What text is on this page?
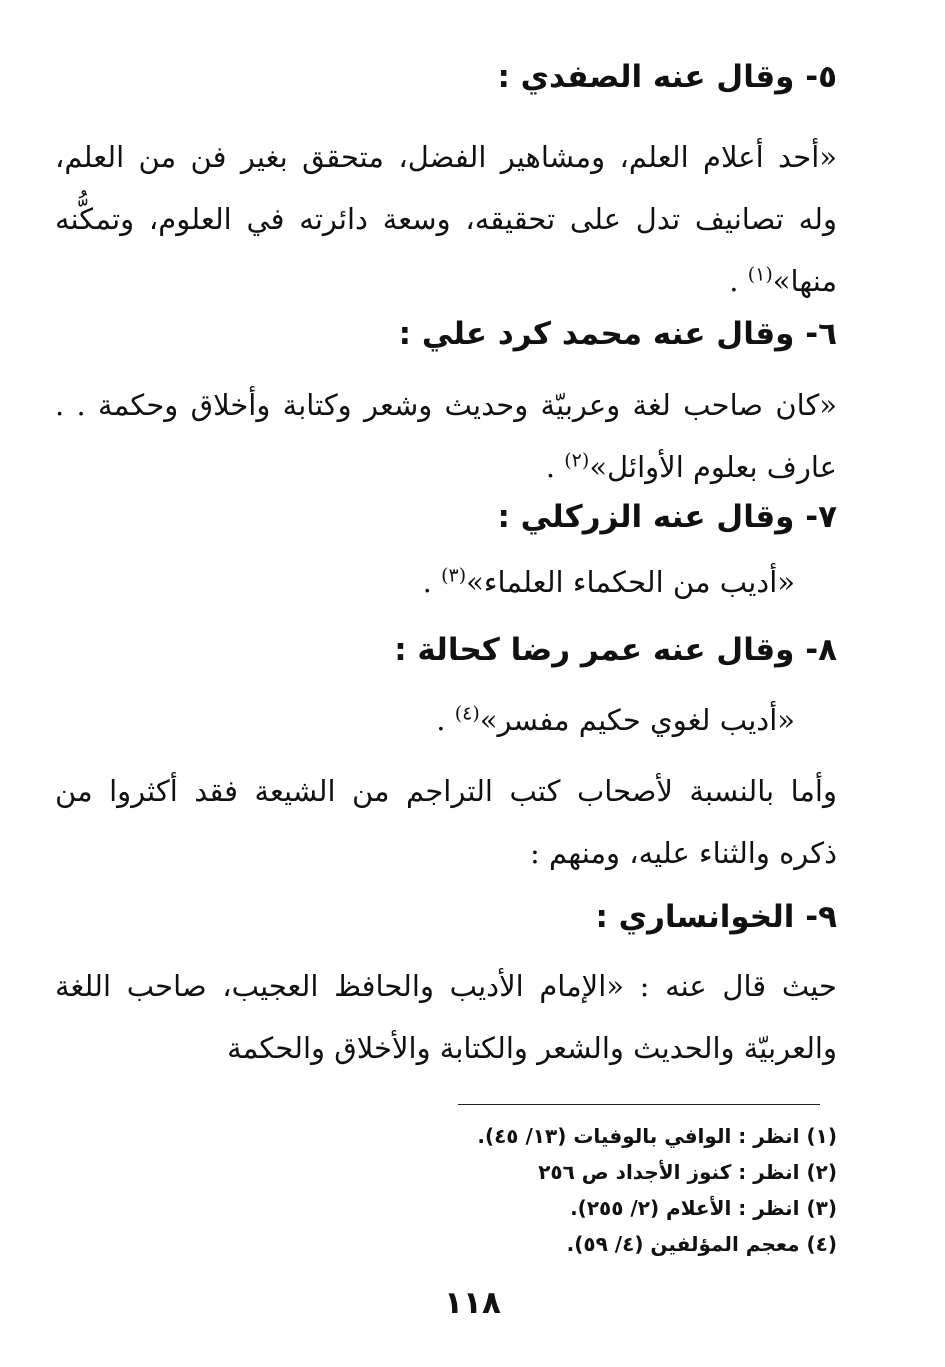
٥- وقال عنه الصفدي :
«أحد أعلام العلم، ومشاهير الفضل، متحقق بغير فن من العلم، وله تصانيف تدل على تحقيقه، وسعة دائرته في العلوم، وتمكُّنه منها»$^{(١)}$ .
٦- وقال عنه محمد كرد علي :
«كان صاحب لغة وعربيّة وحديث وشعر وكتابة وأخلاق وحكمة . . عارف بعلوم الأوائل»$^{(٢)}$ .
٧- وقال عنه الزركلي :
«أديب من الحكماء العلماء»$^{(٣)}$ .
٨- وقال عنه عمر رضا كحالة :
«أديب لغوي حكيم مفسر»$^{(٤)}$ .
وأما بالنسبة لأصحاب كتب التراجم من الشيعة فقد أكثروا من ذكره والثناء عليه، ومنهم :
٩- الخوانساري :
حيث قال عنه : «الإمام الأديب والحافظ العجيب، صاحب اللغة والعربيّة والحديث والشعر والكتابة والأخلاق والحكمة
(١) انظر : الوافي بالوفيات (١٣/ ٤٥).
(٢) انظر : كنوز الأجداد ص ٢٥٦
(٣) انظر : الأعلام (٢/ ٢٥٥).
(٤) معجم المؤلفين (٤/ ٥٩).
١١٨
